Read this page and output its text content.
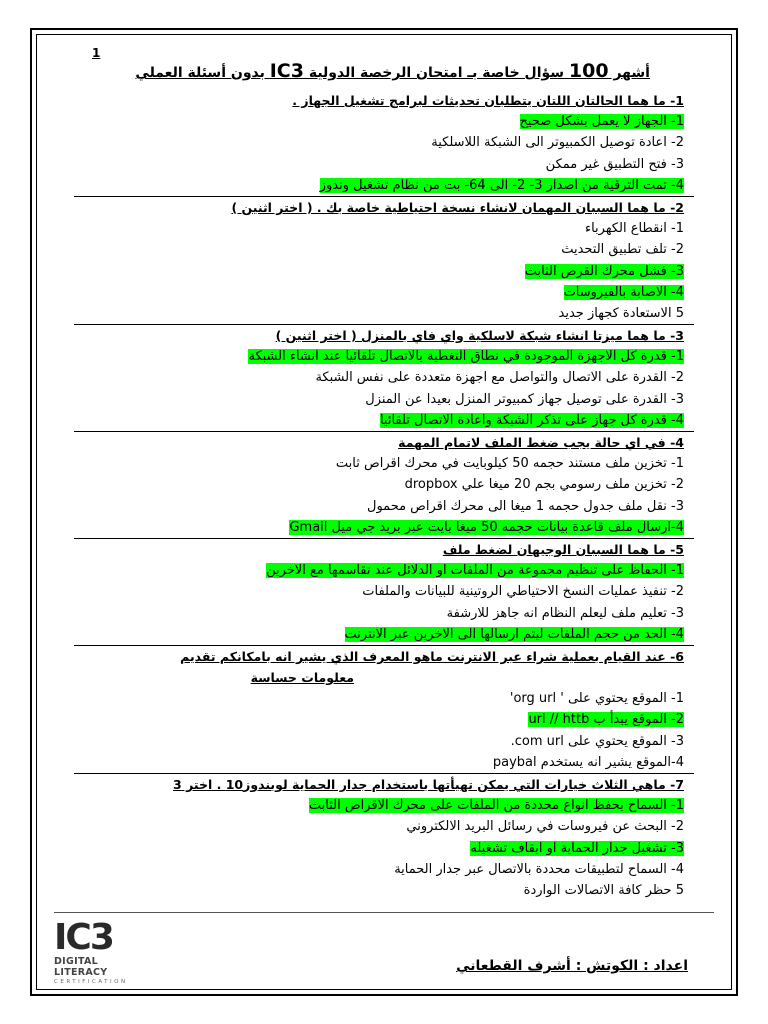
1
أشهر 100 سؤال خاصة بـ امتحان الرخصة الدولية IC3 بدون أسئلة العملي
1- ما هما الحالتان اللتان يتطلبان تحديثات لبرامج تشغيل الجهاز .
1- الجهاز لا يعمل بشكل صحيح
2- اعادة توصيل الكمبيوتر الى الشبكة اللاسلكية
3- فتح التطبيق غير ممكن
4- تمت الترقية من اصدار 3- 2- الى 64- بت من نظام تشغيل وندوز
2- ما هما السببان المهمان لانشاء نسخة احتياطية خاصة بك . ( اختر اثنين )
1- انقطاع الكهرباء
2- تلف تطبيق التحديث
3- فشل محرك القرص الثابت
4- الاصابة بالفيروسات
5 الاستعادة كجهاز جديد
3- ما هما ميزتا انشاء شبكة لاسلكية واي فاي بالمنزل ( اختر اثنين )
1- قدرة كل الاجهزة الموجودة في نطاق التغطية بالاتصال تلقائيا عند انشاء الشبكة
2- القدرة على الاتصال والتواصل مع اجهزة متعددة على نفس الشبكة
3- القدرة على توصيل جهاز كمبيوتر المنزل بعيدا عن المنزل
4- قدرة كل جهاز على تذكر الشبكة واعادة الاتصال تلقائيا
4- في اي حالة يجب ضغط الملف لاتمام المهمة
1- تخزين ملف مستند حجمه 50 كيلوبايت في محرك اقراص ثابت
2- تخزين ملف رسومي بجم 20 ميغا علي dropbox
3- نقل ملف جدول حجمه 1 ميغا الى محرك اقراص محمول
4-ارسال ملف قاعدة بيانات حجمه 50 ميغا بايت عبر بريد جي ميل Gmail
5- ما هما السببان الوجيهان لضغط ملف
1- الحفاظ على تنظيم مجموعة من الملفات او الدلائل عند تقاسمها مع الاخرين
2- تنفيذ عمليات النسخ الاحتياطي الروتينية للبيانات والملفات
3- تعليم ملف ليعلم النظام انه جاهز للارشفة
4- الحد من حجم الملفات ليتم ارسالها الى الاخرين عبر الانترنت
6- عند القيام بعملية شراء عبر الانترنت ماهو المعرف الذي يشير انه بامكانكم تقديم
معلومات حساسة
1- الموقع يحتوي على ' org url'
2- الموقع يبدأ ب url // httb
3- الموقع يحتوي على com url.
4-الموقع يشير انه يستخدم paybal
7- ماهي الثلاث خيارات التي يمكن تهيأتها باستخدام جدار الحماية لوبندوز10 . اختر 3
1- السماح بحفظ انواع محددة من الملفات على محرك الاقراص الثابت
2- البحث عن فيروسات في رسائل البريد الالكتروني
3- تشغيل جدار الحماية او ايقاف تشغيله
4- السماح لتطبيقات محددة بالاتصال عبر جدار الحماية
5 حظر كافة الاتصالات الواردة
IC3
DIGITAL LITERACY
CERTIFICATION
اعداد : الكوتش : أشرف القطعاني
